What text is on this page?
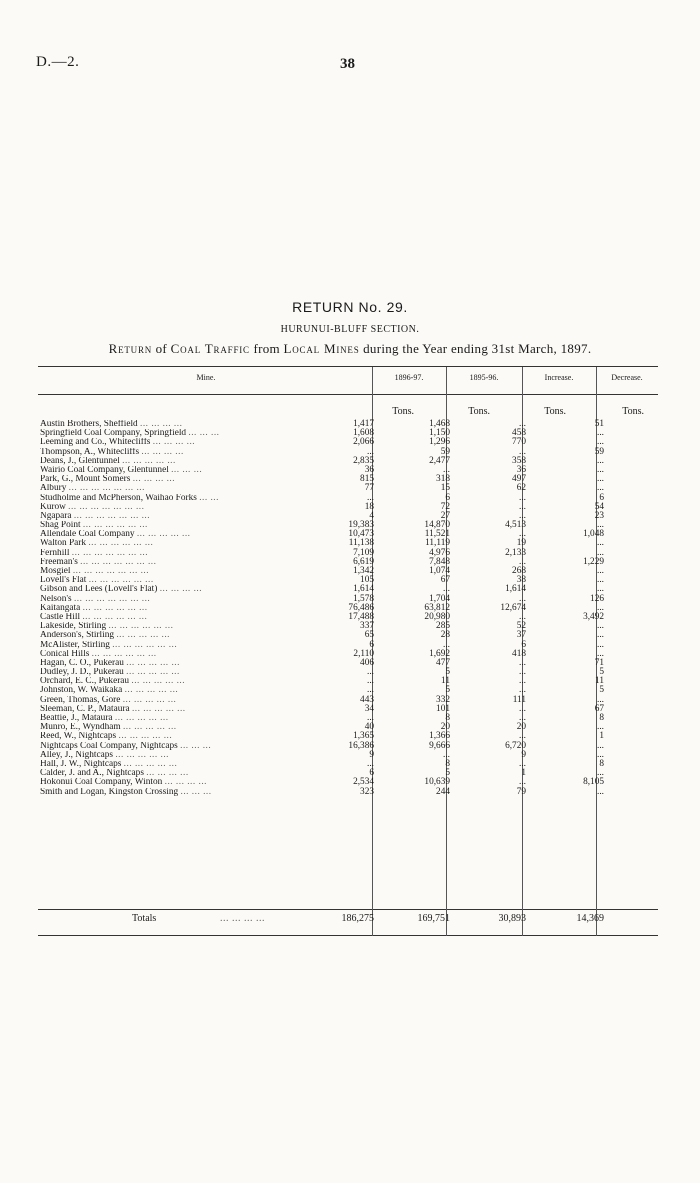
D.—2.	38
RETURN No. 29.
HURUNUI-BLUFF SECTION.
Return of Coal Traffic from Local Mines during the Year ending 31st March, 1897.
Mine.	1896-97.	1895-96.	Increase.	Decrease.
Tons.	Tons.	Tons.	Tons.
Austin Brothers, Sheffield ... ... ... ...	1,417	1,468	...	51
Springfield Coal Company, Springfield ... ... ...	1,608	1,150	458	...
Leeming and Co., Whitecliffs ... ... ... ...	2,066	1,296	770	...
Thompson, A., Whitecliffs ... ... ... ...	...	59	...	59
Deans, J., Glentunnel ... ... ... ... ...	2,835	2,477	358	...
Wairio Coal Company, Glentunnel ... ... ...	36	...	36	...
Park, G., Mount Somers ... ... ... ...	815	318	497	...
Albury ... ... ... ... ... ... ...	77	15	62	...
Studholme and McPherson, Waihao Forks ... ...	...	6	...	6
Kurow ... ... ... ... ... ... ...	18	72	...	54
Ngapara ... ... ... ... ... ... ...	4	27	...	23
Shag Point ... ... ... ... ... ...	19,383	14,870	4,513	...
Allendale Coal Company ... ... ... ... ...	10,473	11,521	...	1,048
Walton Park ... ... ... ... ... ...	11,138	11,119	19	...
Fernhill ... ... ... ... ... ... ...	7,109	4,976	2,133	...
Freeman's ... ... ... ... ... ... ...	6,619	7,848	...	1,229
Mosgiel ... ... ... ... ... ... ...	1,342	1,074	268	...
Lovell's Flat ... ... ... ... ... ...	105	67	38	...
Gibson and Lees (Lovell's Flat) ... ... ... ...	1,614	...	1,614	...
Nelson's ... ... ... ... ... ... ...	1,578	1,704	...	126
Kaitangata ... ... ... ... ... ...	76,486	63,812	12,674	...
Castle Hill ... ... ... ... ... ...	17,488	20,980	...	3,492
Lakeside, Stirling ... ... ... ... ... ...	337	285	52	...
Anderson's, Stirling ... ... ... ... ...	65	28	37	...
McAlister, Stirling ... ... ... ... ... ...	6	...	6	...
Conical Hills ... ... ... ... ... ...	2,110	1,692	418	...
Hagan, C. O., Pukerau ... ... ... ... ...	406	477	...	71
Dudley, J. D., Pukerau ... ... ... ... ...	...	5	...	5
Orchard, E. C., Pukerau ... ... ... ... ...	...	11	...	11
Johnston, W. Waikaka ... ... ... ... ...	...	5	...	5
Green, Thomas, Gore ... ... ... ... ...	443	332	111	...
Sleeman, C. P., Mataura ... ... ... ... ...	34	101	...	67
Beattie, J., Mataura ... ... ... ... ...	...	8	...	8
Munro, E., Wyndham ... ... ... ... ...	40	20	20	...
Reed, W., Nightcaps ... ... ... ... ...	1,365	1,366	...	1
Nightcaps Coal Company, Nightcaps ... ... ...	16,386	9,666	6,720	...
Alley, J., Nightcaps ... ... ... ... ...	9	...	9	...
Hall, J. W., Nightcaps ... ... ... ... ...	...	8	...	8
Calder, J. and A., Nightcaps ... ... ... ...	6	5	1	...
Hokonui Coal Company, Winton ... ... ... ...	2,534	10,639	...	8,105
Smith and Logan, Kingston Crossing ... ... ...	323	244	79	...
Totals	... ... ... ...	186,275	169,751	30,893	14,369
